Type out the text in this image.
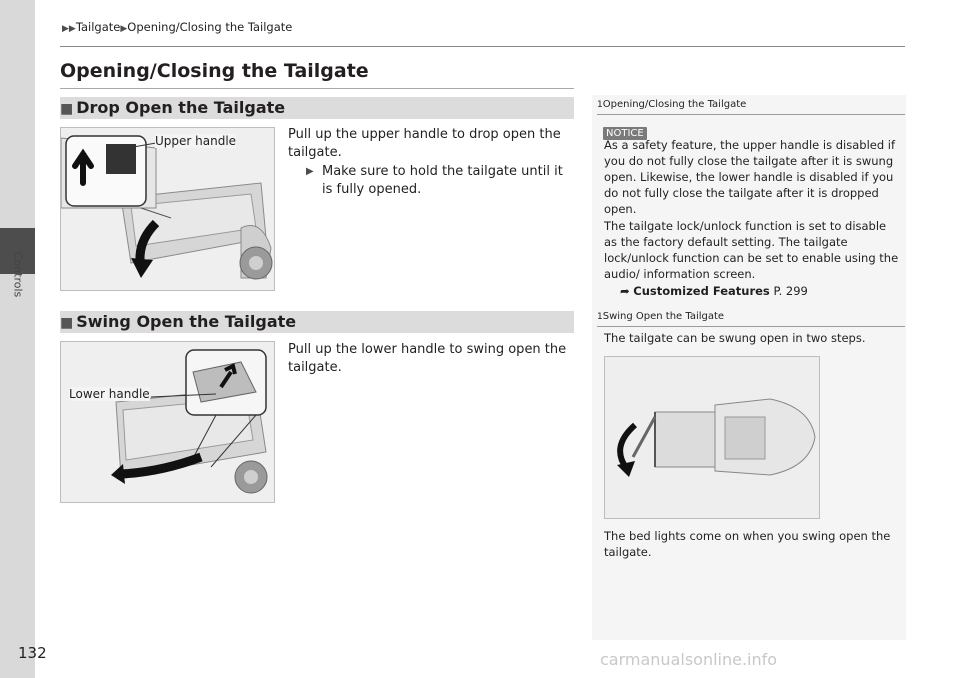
Controls
▶▶Tailgate▶Opening/Closing the Tailgate
Opening/Closing the Tailgate
■ Drop Open the Tailgate
Upper handle	Pull up the upper handle to drop open the tailgate.
▶ Make sure to hold the tailgate until it is fully opened.
■ Swing Open the Tailgate
Lower handle
Pull up the lower handle to swing open the tailgate.
1Opening/Closing the Tailgate
NOTICE
As a safety feature, the upper handle is disabled if you do not fully close the tailgate after it is swung open. Likewise, the lower handle is disabled if you do not fully close the tailgate after it is dropped open.
The tailgate lock/unlock function is set to disable as the factory default setting. The tailgate lock/unlock function can be set to enable using the audio/ information screen.
➦ Customized Features P. 299
1Swing Open the Tailgate
The tailgate can be swung open in two steps.
The bed lights come on when you swing open the tailgate.
132	carmanualsonline.info
